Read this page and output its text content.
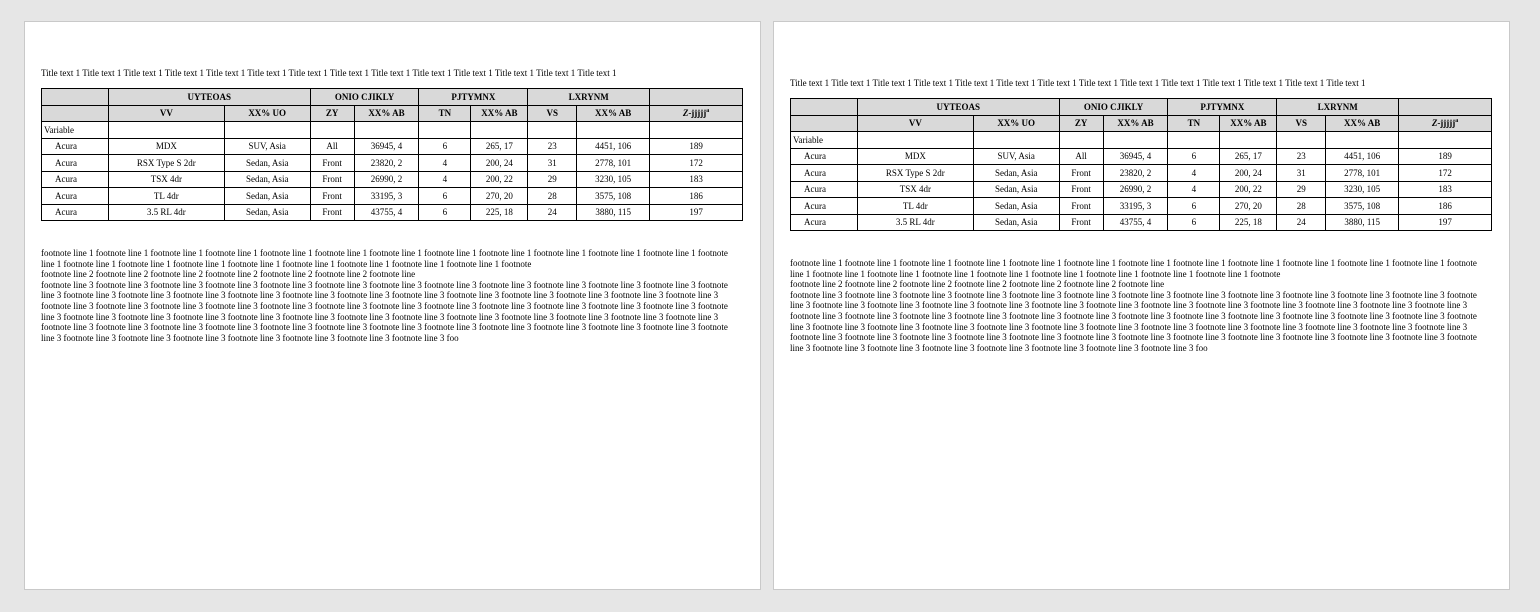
Title text 1 Title text 1 Title text 1 Title text 1 Title text 1 Title text 1 Title text 1 Title text 1 Title text 1 Title text 1 Title text 1 Title text 1 Title text 1 Title text 1
	UYTEOAS		ONIO CJIKLY		PJTYMNX		LXRYNM		
	VV	XX% UO	ZY	XX% AB	TN	XX% AB	VS	XX% AB	Z-jjjjj$^a$
Variable									
Acura	MDX	SUV, Asia	All	36945, 4	6	265, 17	23	4451, 106	189
Acura	RSX Type S 2dr	Sedan, Asia	Front	23820, 2	4	200, 24	31	2778, 101	172
Acura	TSX 4dr	Sedan, Asia	Front	26990, 2	4	200, 22	29	3230, 105	183
Acura	TL 4dr	Sedan, Asia	Front	33195, 3	6	270, 20	28	3575, 108	186
Acura	3.5 RL 4dr	Sedan, Asia	Front	43755, 4	6	225, 18	24	3880, 115	197

footnote line 1 footnote line 1 footnote line 1 footnote line 1 footnote line 1 footnote line 1 footnote line 1 footnote line 1 footnote line 1 footnote line 1 footnote line 1 footnote line 1 footnote line 1 footnote line 1 footnote line 1 footnote line 1 footnote line 1 footnote line 1 footnote line 1 footnote line 1 footnote line 1 footnote

footnote line 2 footnote line 2 footnote line 2 footnote line 2 footnote line 2 footnote line 2 footnote line

footnote line 3 footnote line 3 footnote line 3 footnote line 3 footnote line 3 footnote line 3 footnote line 3 footnote line 3 footnote line 3 footnote line 3 footnote line 3 footnote line 3 footnote line 3 footnote line 3 footnote line 3 footnote line 3 footnote line 3 footnote line 3 footnote line 3 footnote line 3 footnote line 3 footnote line 3 footnote line 3 footnote line 3 footnote line 3 footnote line 3 footnote line 3 footnote line 3 footnote line 3 footnote line 3 footnote line 3 footnote line 3 footnote line 3 footnote line 3 footnote line 3 footnote line 3 footnote line 3 footnote line 3 footnote line 3 footnote line 3 footnote line 3 footnote line 3 footnote line 3 footnote line 3 footnote line 3 footnote line 3 footnote line 3 footnote line 3 footnote line 3 footnote line 3 footnote line 3 footnote line 3 footnote line 3 footnote line 3 footnote line 3 footnote line 3 footnote line 3 footnote line 3 footnote line 3 footnote line 3 footnote line 3 footnote line 3 footnote line 3 footnote line 3 footnote line 3 footnote line 3 footnote line 3 footnote line 3 footnote line 3 footnote line 3 foo

Title text 1 Title text 1 Title text 1 Title text 1 Title text 1 Title text 1 Title text 1 Title text 1 Title text 1 Title text 1 Title text 1 Title text 1 Title text 1 Title text 1
	UYTEOAS		ONIO CJIKLY		PJTYMNX		LXRYNM		
	VV	XX% UO	ZY	XX% AB	TN	XX% AB	VS	XX% AB	Z-jjjjj$^a$
Variable									
Acura	MDX	SUV, Asia	All	36945, 4	6	265, 17	23	4451, 106	189
Acura	RSX Type S 2dr	Sedan, Asia	Front	23820, 2	4	200, 24	31	2778, 101	172
Acura	TSX 4dr	Sedan, Asia	Front	26990, 2	4	200, 22	29	3230, 105	183
Acura	TL 4dr	Sedan, Asia	Front	33195, 3	6	270, 20	28	3575, 108	186
Acura	3.5 RL 4dr	Sedan, Asia	Front	43755, 4	6	225, 18	24	3880, 115	197

footnote line 1 footnote line 1 footnote line 1 footnote line 1 footnote line 1 footnote line 1 footnote line 1 footnote line 1 footnote line 1 footnote line 1 footnote line 1 footnote line 1 footnote line 1 footnote line 1 footnote line 1 footnote line 1 footnote line 1 footnote line 1 footnote line 1 footnote line 1 footnote line 1 footnote

footnote line 2 footnote line 2 footnote line 2 footnote line 2 footnote line 2 footnote line 2 footnote line

footnote line 3 footnote line 3 footnote line 3 footnote line 3 footnote line 3 footnote line 3 footnote line 3 footnote line 3 footnote line 3 footnote line 3 footnote line 3 footnote line 3 footnote line 3 footnote line 3 footnote line 3 footnote line 3 footnote line 3 footnote line 3 footnote line 3 footnote line 3 footnote line 3 footnote line 3 footnote line 3 footnote line 3 footnote line 3 footnote line 3 footnote line 3 footnote line 3 footnote line 3 footnote line 3 footnote line 3 footnote line 3 footnote line 3 footnote line 3 footnote line 3 footnote line 3 footnote line 3 footnote line 3 footnote line 3 footnote line 3 footnote line 3 footnote line 3 footnote line 3 footnote line 3 footnote line 3 footnote line 3 footnote line 3 footnote line 3 footnote line 3 footnote line 3 footnote line 3 footnote line 3 footnote line 3 footnote line 3 footnote line 3 footnote line 3 footnote line 3 footnote line 3 footnote line 3 footnote line 3 footnote line 3 footnote line 3 footnote line 3 footnote line 3 footnote line 3 footnote line 3 footnote line 3 footnote line 3 footnote line 3 footnote line 3 foo
